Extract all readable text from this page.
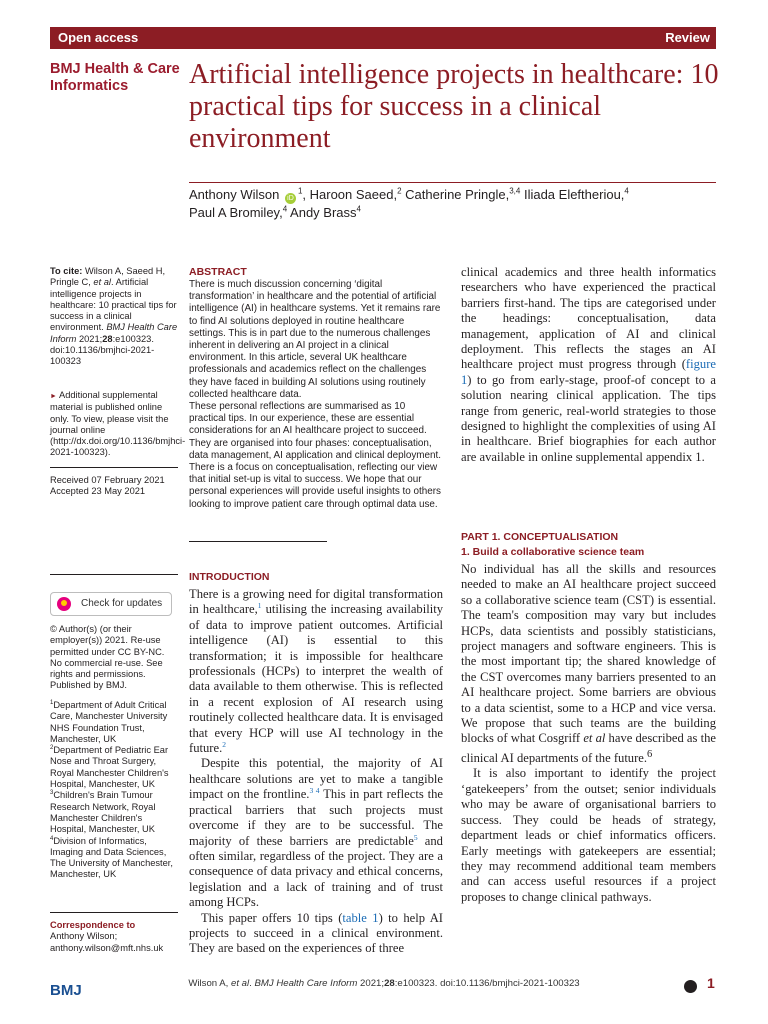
Open access	Review
BMJ Health & Care Informatics	Artificial intelligence projects in healthcare: 10 practical tips for success in a clinical environment
Anthony Wilson $iD^1$, Haroon Saeed,$^2$ Catherine Pringle,$^{3,4}$ Iliada Eleftheriou,$^4$
Paul A Bromiley,$^4$ Andy Brass$^4$
To cite: Wilson A, Saeed H, Pringle C, et al. Artificial intelligence projects in healthcare: 10 practical tips for success in a clinical environment. BMJ Health Care Inform 2021;28:e100323. doi:10.1136/bmjhci-2021-100323
► Additional supplemental material is published online only. To view, please visit the journal online (http://dx.doi.org/10.1136/bmjhci-2021-100323).
Received 07 February 2021
Accepted 23 May 2021
Check for updates
© Author(s) (or their employer(s)) 2021. Re-use permitted under CC BY-NC. No commercial re-use. See rights and permissions. Published by BMJ.
$^1$Department of Adult Critical Care, Manchester University NHS Foundation Trust, Manchester, UK
$^2$Department of Pediatric Ear Nose and Throat Surgery, Royal Manchester Children's Hospital, Manchester, UK
$^3$Children's Brain Tumour Research Network, Royal Manchester Children's Hospital, Manchester, UK
$^4$Division of Informatics, Imaging and Data Sciences, The University of Manchester, Manchester, UK
Correspondence to
Anthony Wilson;
anthony.wilson@mft.nhs.uk
ABSTRACT

There is much discussion concerning ‘digital transformation’ in healthcare and the potential of artificial intelligence (AI) in healthcare systems. Yet it remains rare to find AI solutions deployed in routine healthcare settings. This is in part due to the numerous challenges inherent in delivering an AI project in a clinical environment. In this article, several UK healthcare professionals and academics reflect on the challenges they have faced in building AI solutions using routinely collected healthcare data.

These personal reflections are summarised as 10 practical tips. In our experience, these are essential considerations for an AI healthcare project to succeed. They are organised into four phases: conceptualisation, data management, AI application and clinical deployment. There is a focus on conceptualisation, reflecting our view that initial set-up is vital to success. We hope that our personal experiences will provide useful insights to others looking to improve patient care through optimal data use.

INTRODUCTION

There is a growing need for digital transformation in healthcare,$^1$ utilising the increasing availability of data to improve patient outcomes. Artificial intelligence (AI) is essential to this transformation; it is impossible for healthcare professionals (HCPs) to interpret the wealth of data available to them otherwise. This is reflected in a recent explosion of AI research using routinely collected healthcare data. It is envisaged that every HCP will use AI technology in the future.$^2$

Despite this potential, the majority of AI healthcare solutions are yet to make a tangible impact on the frontline.$^{3 4}$ This in part reflects the practical barriers that such projects must overcome if they are to be successful. The majority of these barriers are predictable$^5$ and often similar, regardless of the project. They are a consequence of data privacy and ethical concerns, legislation and a lack of training and of trust among HCPs.

This paper offers 10 tips (table 1) to help AI projects to succeed in a clinical environment. They are based on the experiences of three

clinical academics and three health informatics researchers who have experienced the practical barriers first-hand. The tips are categorised under the headings: conceptualisation, data management, application of AI and clinical deployment. This reflects the stages an AI healthcare project must progress through (figure 1) to go from early-stage, proof-of concept to a solution nearing clinical application. The tips range from generic, real-world strategies to those designed to highlight the complexities of using AI in healthcare. Brief biographies for each author are available in online supplemental appendix 1.
PART 1. CONCEPTUALISATION
1. Build a collaborative science team

No individual has all the skills and resources needed to make an AI healthcare project succeed so a collaborative science team (CST) is essential. The team's composition may vary but includes HCPs, data scientists and possibly statisticians, project managers and software engineers. This is the most important tip; the shared knowledge of the CST overcomes many barriers presented to an AI healthcare project. Some barriers are obvious to a data scientist, some to a HCP and vice versa. We propose that such teams are the building blocks of what Cosgriff et al have described as the clinical AI departments of the future.$^6$

It is also important to identify the project ‘gatekeepers’ from the outset; senior individuals who may be aware of organisational barriers to success. They could be heads of strategy, department leads or chief informatics officers. Early meetings with gatekeepers are essential; they may recommend additional team members and can access useful resources if a project proposes to change clinical pathways.

BMJ	Wilson A, et al. BMJ Health Care Inform 2021;28:e100323. doi:10.1136/bmjhci-2021-100323	1
